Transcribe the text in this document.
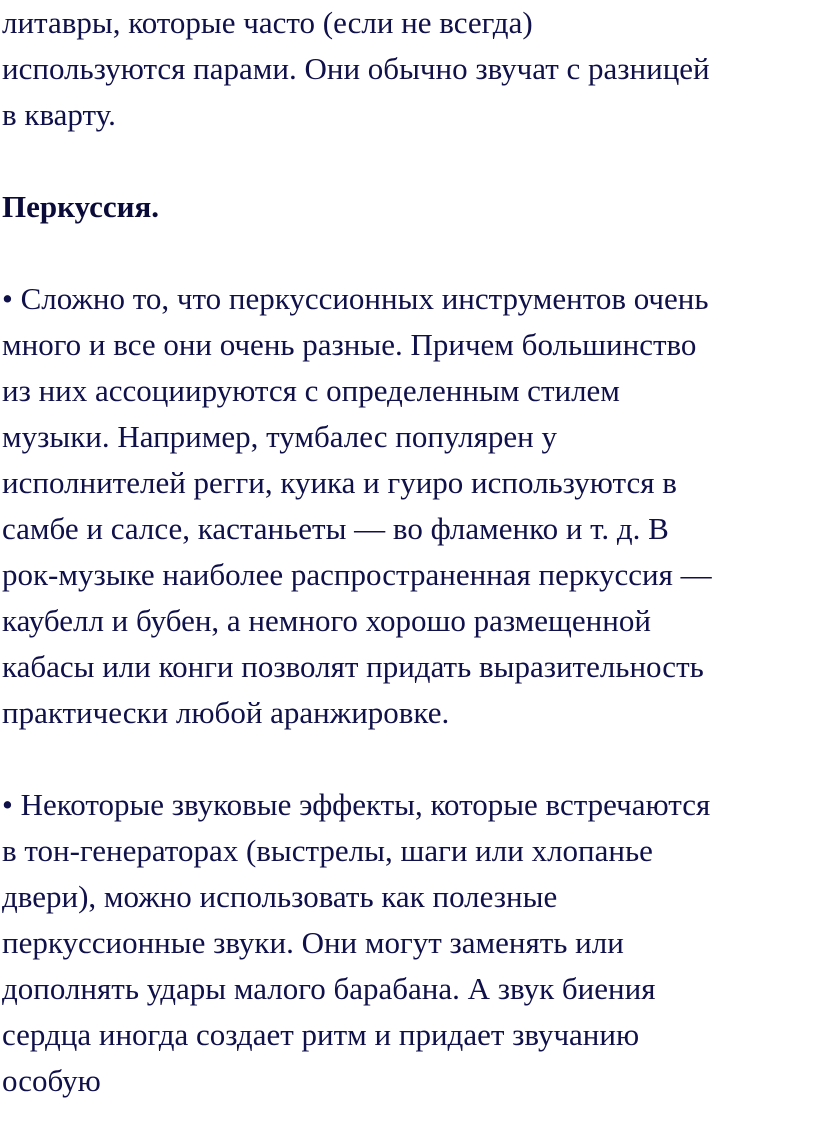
литавры, которые часто (если не всегда)
используются парами. Они обычно звучат с разницей
в кварту.
Перкуссия.
• Сложно то, что перкуссионных инструментов очень
много и все они очень разные. Причем большинство
из них ассоциируются с определенным стилем
музыки. Например, тумбалес популярен у
исполнителей регги, куика и гуиро используются в
самбе и салсе, кастаньеты — во фламенко и т. д. В
рок-музыке наиболее распространенная перкуссия —
каубелл и бубен, а немного хорошо размещенной
кабасы или конги позволят придать выразительность
практически любой аранжировке.
• Некоторые звуковые эффекты, которые встречаются
в тон-генераторах (выстрелы, шаги или хлопанье
двери), можно использовать как полезные
перкуссионные звуки. Они могут заменять или
дополнять удары малого барабана. А звук биения
сердца иногда создает ритм и придает звучанию
особую
